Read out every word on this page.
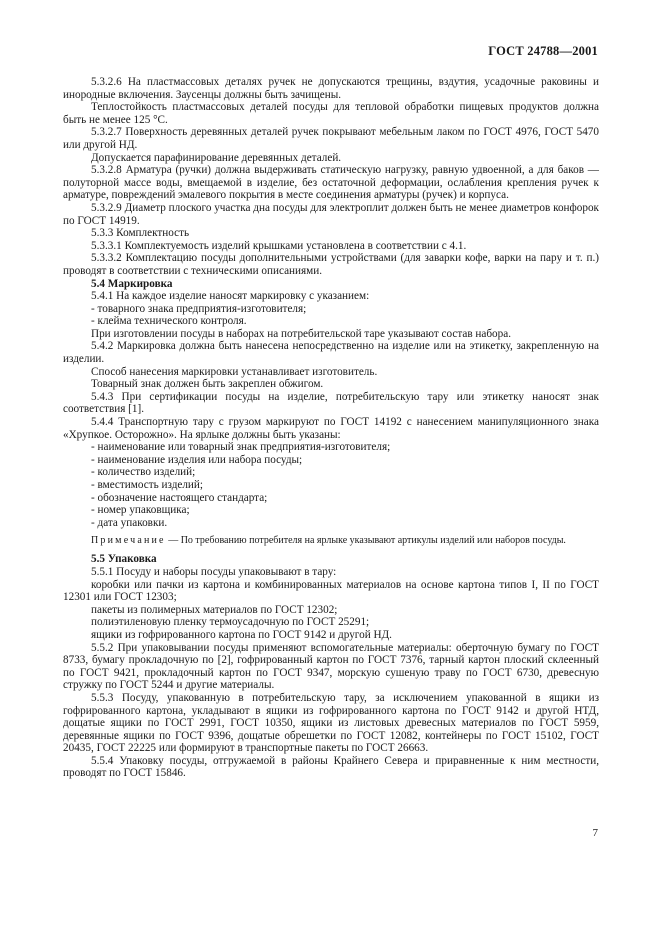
ГОСТ 24788—2001

5.3.2.6 На пластмассовых деталях ручек не допускаются трещины, вздутия, усадочные раковины и инородные включения. Заусенцы должны быть зачищены.

Теплостойкость пластмассовых деталей посуды для тепловой обработки пищевых продуктов должна быть не менее 125 °С.

5.3.2.7 Поверхность деревянных деталей ручек покрывают мебельным лаком по ГОСТ 4976, ГОСТ 5470 или другой НД.

Допускается парафинирование деревянных деталей.

5.3.2.8 Арматура (ручки) должна выдерживать статическую нагрузку, равную удвоенной, а для баков — полуторной массе воды, вмещаемой в изделие, без остаточной деформации, ослабления крепления ручек к арматуре, повреждений эмалевого покрытия в месте соединения арматуры (ручек) и корпуса.

5.3.2.9 Диаметр плоского участка дна посуды для электроплит должен быть не менее диаметров конфорок по ГОСТ 14919.

5.3.3 Комплектность

5.3.3.1 Комплектуемость изделий крышками установлена в соответствии с 4.1.

5.3.3.2 Комплектацию посуды дополнительными устройствами (для заварки кофе, варки на пару и т. п.) проводят в соответствии с техническими описаниями.

5.4 Маркировка

5.4.1 На каждое изделие наносят маркировку с указанием:

- товарного знака предприятия-изготовителя;

- клейма технического контроля.

При изготовлении посуды в наборах на потребительской таре указывают состав набора.

5.4.2 Маркировка должна быть нанесена непосредственно на изделие или на этикетку, закрепленную на изделии.

Способ нанесения маркировки устанавливает изготовитель.

Товарный знак должен быть закреплен обжигом.

5.4.3 При сертификации посуды на изделие, потребительскую тару или этикетку наносят знак соответствия [1].

5.4.4 Транспортную тару с грузом маркируют по ГОСТ 14192 с нанесением манипуляционного знака «Хрупкое. Осторожно». На ярлыке должны быть указаны:

- наименование или товарный знак предприятия-изготовителя;

- наименование изделия или набора посуды;

- количество изделий;

- вместимость изделий;

- обозначение настоящего стандарта;

- номер упаковщика;

- дата упаковки.

Примечание — По требованию потребителя на ярлыке указывают артикулы изделий или наборов посуды.

5.5 Упаковка

5.5.1 Посуду и наборы посуды упаковывают в тару:

коробки или пачки из картона и комбинированных материалов на основе картона типов I, II по ГОСТ 12301 или ГОСТ 12303;

пакеты из полимерных материалов по ГОСТ 12302;

полиэтиленовую пленку термоусадочную по ГОСТ 25291;

ящики из гофрированного картона по ГОСТ 9142 и другой НД.

5.5.2 При упаковывании посуды применяют вспомогательные материалы: оберточную бумагу по ГОСТ 8733, бумагу прокладочную по [2], гофрированный картон по ГОСТ 7376, тарный картон плоский склеенный по ГОСТ 9421, прокладочный картон по ГОСТ 9347, морскую сушеную траву по ГОСТ 6730, древесную стружку по ГОСТ 5244 и другие материалы.

5.5.3 Посуду, упакованную в потребительскую тару, за исключением упакованной в ящики из гофрированного картона, укладывают в ящики из гофрированного картона по ГОСТ 9142 и другой НТД, дощатые ящики по ГОСТ 2991, ГОСТ 10350, ящики из листовых древесных материалов по ГОСТ 5959, деревянные ящики по ГОСТ 9396, дощатые обрешетки по ГОСТ 12082, контейнеры по ГОСТ 15102, ГОСТ 20435, ГОСТ 22225 или формируют в транспортные пакеты по ГОСТ 26663.

5.5.4 Упаковку посуды, отгружаемой в районы Крайнего Севера и приравненные к ним местности, проводят по ГОСТ 15846.

7
